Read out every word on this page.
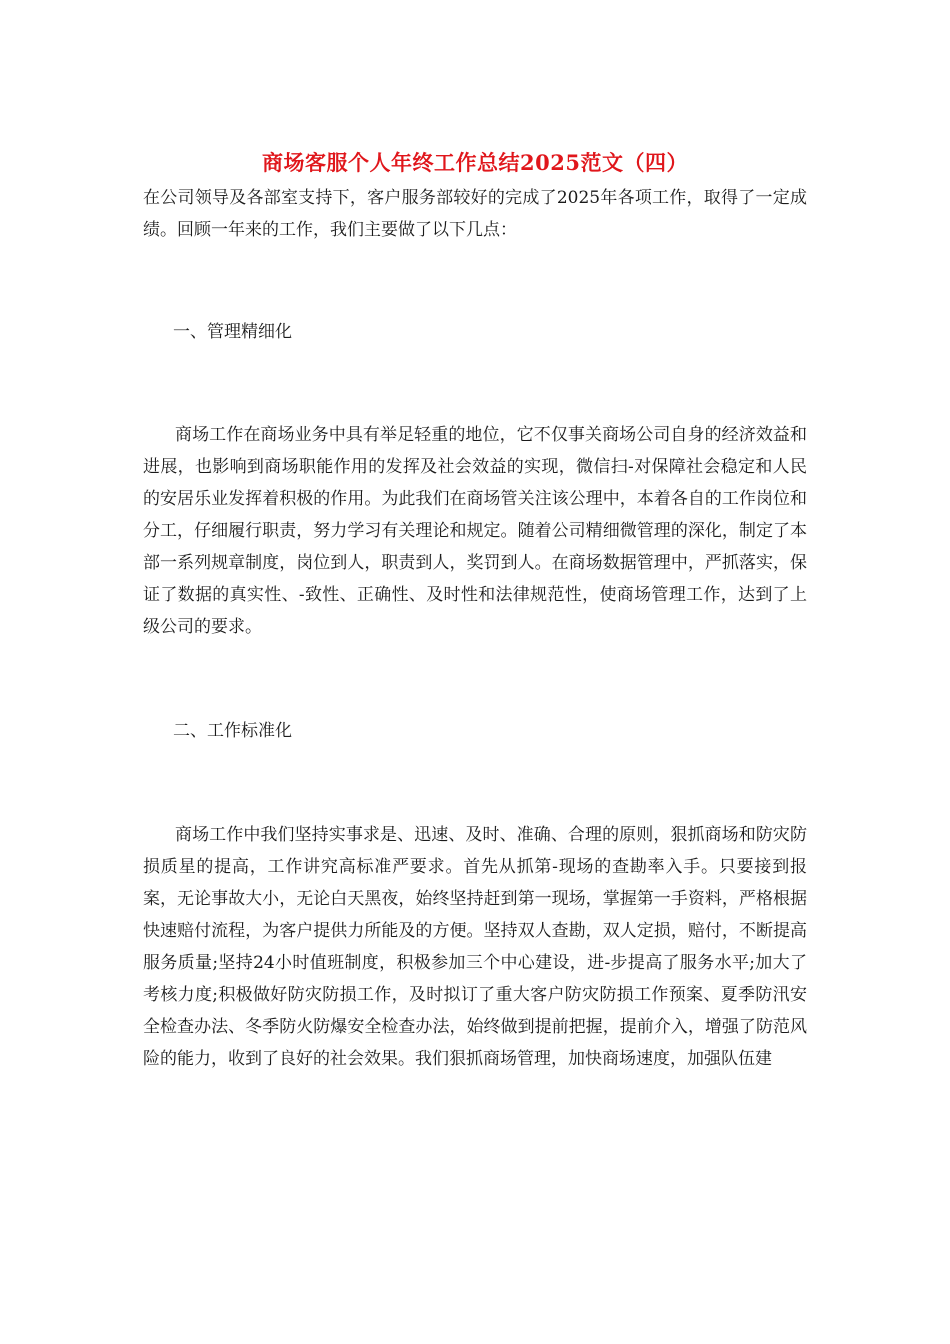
商场客服个人年终工作总结2025范文（四）

在公司领导及各部室支持下，客户服务部较好的完成了2025年各项工作，取得了一定成绩。回顾一年来的工作，我们主要做了以下几点：

一、管理精细化

商场工作在商场业务中具有举足轻重的地位，它不仅事关商场公司自身的经济效益和进展，也影响到商场职能作用的发挥及社会效益的实现，微信扫-对保障社会稳定和人民的安居乐业发挥着积极的作用。为此我们在商场管关注该公理中，本着各自的工作岗位和分工，仔细履行职责，努力学习有关理论和规定。随着公司精细微管理的深化，制定了本部一系列规章制度，岗位到人，职责到人，奖罚到人。在商场数据管理中，严抓落实，保证了数据的真实性、-致性、正确性、及时性和法律规范性，使商场管理工作，达到了上级公司的要求。

二、工作标准化

商场工作中我们坚持实事求是、迅速、及时、准确、合理的原则，狠抓商场和防灾防损质星的提高，工作讲究高标准严要求。首先从抓第-现场的查勘率入手。只要接到报案，无论事故大小，无论白天黑夜，始终坚持赶到第一现场，掌握第一手资料，严格根据快速赔付流程，为客户提供力所能及的方便。坚持双人查勘，双人定损，赔付，不断提高服务质量;坚持24小时值班制度，积极参加三个中心建设，进-步提高了服务水平;加大了考核力度;积极做好防灾防损工作，及时拟订了重大客户防灾防损工作预案、夏季防汛安全检查办法、冬季防火防爆安全检查办法，始终做到提前把握，提前介入，增强了防范风险的能力，收到了良好的社会效果。我们狠抓商场管理，加快商场速度，加强队伍建
